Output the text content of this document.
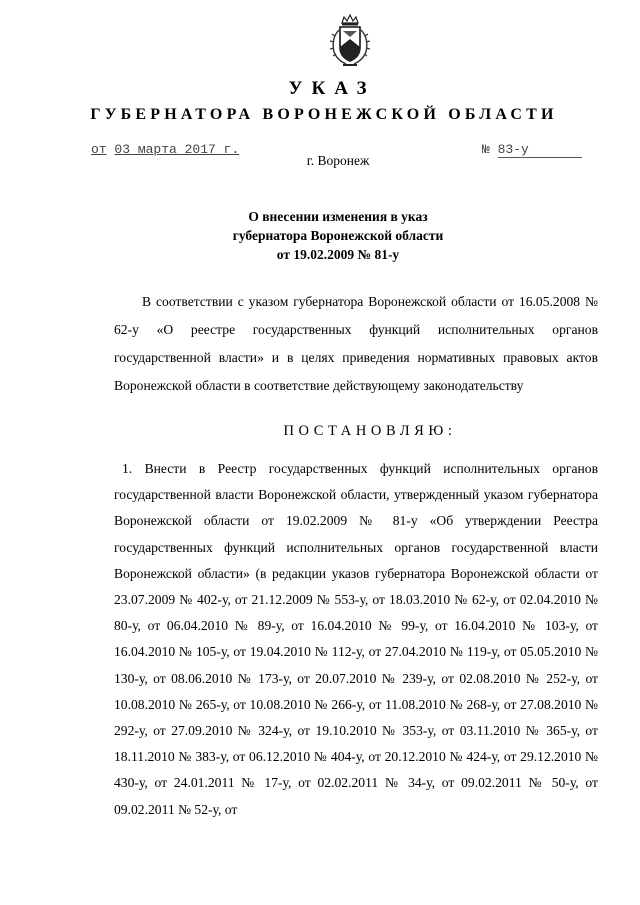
УКАЗ
ГУБЕРНАТОРА ВОРОНЕЖСКОЙ ОБЛАСТИ
от 03 марта 2017 г.	№ 83-у
г. Воронеж
О внесении изменения в указ
губернатора Воронежской области
от 19.02.2009 № 81-у

В соответствии с указом губернатора Воронежской области от 16.05.2008 № 62-у «О реестре государственных функций исполнительных органов государственной власти» и в целях приведения нормативных правовых актов Воронежской области в соответствие действующему законодательству

ПОСТАНОВЛЯЮ:

1. Внести в Реестр государственных функций исполнительных органов государственной власти Воронежской области, утвержденный указом губернатора Воронежской области от 19.02.2009 № 81-у «Об утверждении Реестра государственных функций исполнительных органов государственной власти Воронежской области» (в редакции указов губернатора Воронежской области от 23.07.2009 № 402-у, от 21.12.2009 № 553-у, от 18.03.2010 № 62-у, от 02.04.2010 № 80-у, от 06.04.2010 № 89-у, от 16.04.2010 № 99-у, от 16.04.2010 № 103-у, от 16.04.2010 № 105-у, от 19.04.2010 № 112-у, от 27.04.2010 № 119-у, от 05.05.2010 № 130-у, от 08.06.2010 № 173-у, от 20.07.2010 № 239-у, от 02.08.2010 № 252-у, от 10.08.2010 № 265-у, от 10.08.2010 № 266-у, от 11.08.2010 № 268-у, от 27.08.2010 № 292-у, от 27.09.2010 № 324-у, от 19.10.2010 № 353-у, от 03.11.2010 № 365-у, от 18.11.2010 № 383-у, от 06.12.2010 № 404-у, от 20.12.2010 № 424-у, от 29.12.2010 № 430-у, от 24.01.2011 № 17-у, от 02.02.2011 № 34-у, от 09.02.2011 № 50-у, от 09.02.2011 № 52-у, от
